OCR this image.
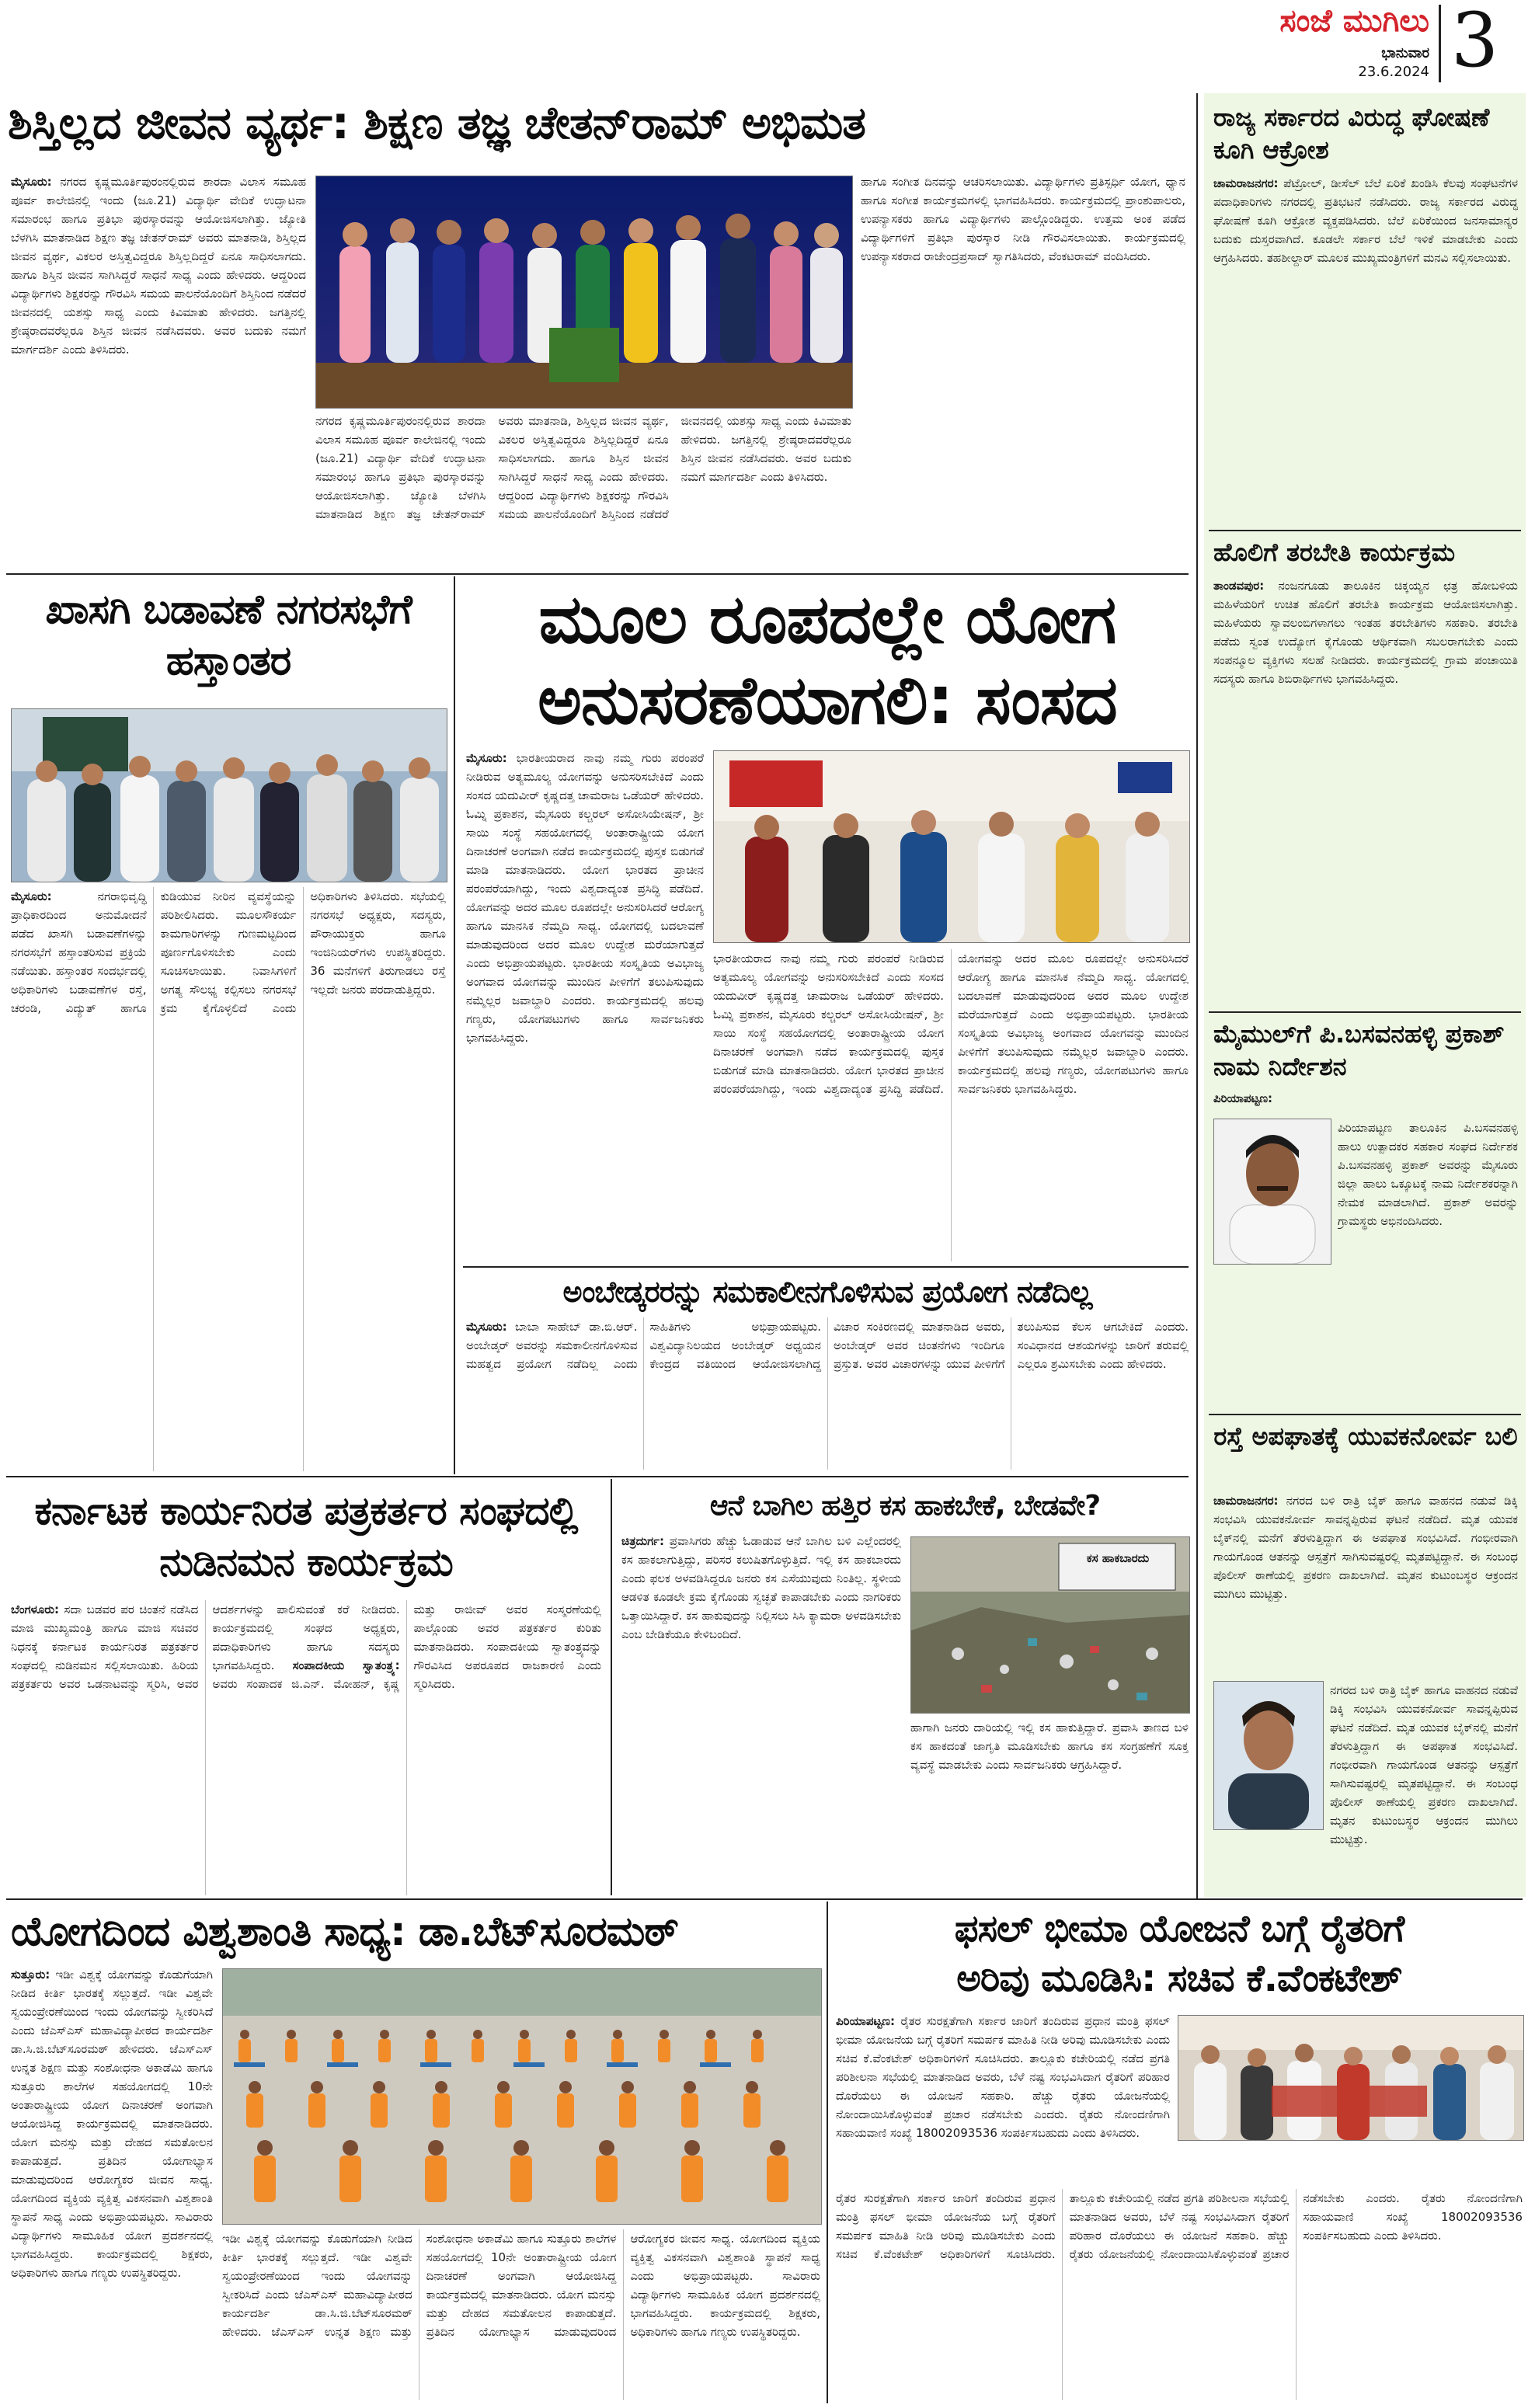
ಸಂಜೆ ಮುಗಿಲು
ಭಾನುವಾರ
23.6.2024 3
ಶಿಸ್ತಿಲ್ಲದ ಜೀವನ ವ್ಯರ್ಥ: ಶಿಕ್ಷಣ ತಜ್ಞ ಚೇತನ್‌ರಾಮ್ ಅಭಿಮತ
ಮೈಸೂರು: ನಗರದ ಕೃಷ್ಣಮೂರ್ತಿಪುರಂನಲ್ಲಿರುವ ಶಾರದಾ ವಿಲಾಸ ಸಮೂಹ ಪೂರ್ವ ಕಾಲೇಜಿನಲ್ಲಿ ಇಂದು (ಜೂ.21) ವಿದ್ಯಾರ್ಥಿ ವೇದಿಕೆ ಉದ್ಘಾಟನಾ ಸಮಾರಂಭ ಹಾಗೂ ಪ್ರತಿಭಾ ಪುರಸ್ಕಾರವನ್ನು ಆಯೋಜಿಸಲಾಗಿತ್ತು. ಜ್ಯೋತಿ ಬೆಳಗಿಸಿ ಮಾತನಾಡಿದ ಶಿಕ್ಷಣ ತಜ್ಞ ಚೇತನ್‌ರಾಮ್ ಅವರು ಮಾತನಾಡಿ, ಶಿಸ್ತಿಲ್ಲದ ಜೀವನ ವ್ಯರ್ಥ, ವಿಕಲರ ಅಸ್ತಿತ್ವವಿದ್ದರೂ ಶಿಸ್ತಿಲ್ಲದಿದ್ದರೆ ಏನೂ ಸಾಧಿಸಲಾಗದು. ಹಾಗೂ ಶಿಸ್ತಿನ ಜೀವನ ಸಾಗಿಸಿದ್ದರೆ ಸಾಧನೆ ಸಾಧ್ಯ ಎಂದು ಹೇಳಿದರು. ಆದ್ದರಿಂದ ವಿದ್ಯಾರ್ಥಿಗಳು ಶಿಕ್ಷಕರನ್ನು ಗೌರವಿಸಿ ಸಮಯ ಪಾಲನೆಯೊಂದಿಗೆ ಶಿಸ್ತಿನಿಂದ ನಡೆದರೆ ಜೀವನದಲ್ಲಿ ಯಶಸ್ಸು ಸಾಧ್ಯ ಎಂದು ಕಿವಿಮಾತು ಹೇಳಿದರು. ಜಗತ್ತಿನಲ್ಲಿ ಶ್ರೇಷ್ಠರಾದವರೆಲ್ಲರೂ ಶಿಸ್ತಿನ ಜೀವನ ನಡೆಸಿದವರು. ಅವರ ಬದುಕು ನಮಗೆ ಮಾರ್ಗದರ್ಶಿ ಎಂದು ತಿಳಿಸಿದರು.
ಹಾಗೂ ಸಂಗೀತ ದಿನವನ್ನು ಆಚರಿಸಲಾಯಿತು. ವಿದ್ಯಾರ್ಥಿಗಳು ಪ್ರತಿಸ್ಪರ್ಧಿ ಯೋಗ, ಧ್ಯಾನ ಹಾಗೂ ಸಂಗೀತ ಕಾರ್ಯಕ್ರಮಗಳಲ್ಲಿ ಭಾಗವಹಿಸಿದರು. ಕಾರ್ಯಕ್ರಮದಲ್ಲಿ ಪ್ರಾಂಶುಪಾಲರು, ಉಪನ್ಯಾಸಕರು ಹಾಗೂ ವಿದ್ಯಾರ್ಥಿಗಳು ಪಾಲ್ಗೊಂಡಿದ್ದರು. ಉತ್ತಮ ಅಂಕ ಪಡೆದ ವಿದ್ಯಾರ್ಥಿಗಳಿಗೆ ಪ್ರತಿಭಾ ಪುರಸ್ಕಾರ ನೀಡಿ ಗೌರವಿಸಲಾಯಿತು. ಕಾರ್ಯಕ್ರಮದಲ್ಲಿ ಉಪನ್ಯಾಸಕರಾದ ರಾಜೇಂದ್ರಪ್ರಸಾದ್ ಸ್ವಾಗತಿಸಿದರು, ವೆಂಕಟರಾಮ್ ವಂದಿಸಿದರು.
ನಗರದ ಕೃಷ್ಣಮೂರ್ತಿಪುರಂನಲ್ಲಿರುವ ಶಾರದಾ ವಿಲಾಸ ಸಮೂಹ ಪೂರ್ವ ಕಾಲೇಜಿನಲ್ಲಿ ಇಂದು (ಜೂ.21) ವಿದ್ಯಾರ್ಥಿ ವೇದಿಕೆ ಉದ್ಘಾಟನಾ ಸಮಾರಂಭ ಹಾಗೂ ಪ್ರತಿಭಾ ಪುರಸ್ಕಾರವನ್ನು ಆಯೋಜಿಸಲಾಗಿತ್ತು. ಜ್ಯೋತಿ ಬೆಳಗಿಸಿ ಮಾತನಾಡಿದ ಶಿಕ್ಷಣ ತಜ್ಞ ಚೇತನ್‌ರಾಮ್ ಅವರು ಮಾತನಾಡಿ, ಶಿಸ್ತಿಲ್ಲದ ಜೀವನ ವ್ಯರ್ಥ, ವಿಕಲರ ಅಸ್ತಿತ್ವವಿದ್ದರೂ ಶಿಸ್ತಿಲ್ಲದಿದ್ದರೆ ಏನೂ ಸಾಧಿಸಲಾಗದು. ಹಾಗೂ ಶಿಸ್ತಿನ ಜೀವನ ಸಾಗಿಸಿದ್ದರೆ ಸಾಧನೆ ಸಾಧ್ಯ ಎಂದು ಹೇಳಿದರು. ಆದ್ದರಿಂದ ವಿದ್ಯಾರ್ಥಿಗಳು ಶಿಕ್ಷಕರನ್ನು ಗೌರವಿಸಿ ಸಮಯ ಪಾಲನೆಯೊಂದಿಗೆ ಶಿಸ್ತಿನಿಂದ ನಡೆದರೆ ಜೀವನದಲ್ಲಿ ಯಶಸ್ಸು ಸಾಧ್ಯ ಎಂದು ಕಿವಿಮಾತು ಹೇಳಿದರು. ಜಗತ್ತಿನಲ್ಲಿ ಶ್ರೇಷ್ಠರಾದವರೆಲ್ಲರೂ ಶಿಸ್ತಿನ ಜೀವನ ನಡೆಸಿದವರು. ಅವರ ಬದುಕು ನಮಗೆ ಮಾರ್ಗದರ್ಶಿ ಎಂದು ತಿಳಿಸಿದರು.
ಖಾಸಗಿ ಬಡಾವಣೆ ನಗರಸಭೆಗೆ ಹಸ್ತಾಂತರ
ಮೈಸೂರು:	ನಗರಾಭಿವೃದ್ಧಿ ಪ್ರಾಧಿಕಾರದಿಂದ ಅನುಮೋದನೆ ಪಡೆದ ಖಾಸಗಿ ಬಡಾವಣೆಗಳನ್ನು ನಗರಸಭೆಗೆ ಹಸ್ತಾಂತರಿಸುವ ಪ್ರಕ್ರಿಯೆ ನಡೆಯಿತು. ಹಸ್ತಾಂತರ ಸಂದರ್ಭದಲ್ಲಿ ಅಧಿಕಾರಿಗಳು ಬಡಾವಣೆಗಳ ರಸ್ತೆ, ಚರಂಡಿ, ವಿದ್ಯುತ್ ಹಾಗೂ ಕುಡಿಯುವ ನೀರಿನ ವ್ಯವಸ್ಥೆಯನ್ನು ಪರಿಶೀಲಿಸಿದರು. ಮೂಲಸೌಕರ್ಯ ಕಾಮಗಾರಿಗಳನ್ನು ಗುಣಮಟ್ಟದಿಂದ ಪೂರ್ಣಗೊಳಿಸಬೇಕು ಎಂದು ಸೂಚಿಸಲಾಯಿತು. ನಿವಾಸಿಗಳಿಗೆ ಅಗತ್ಯ ಸೌಲಭ್ಯ ಕಲ್ಪಿಸಲು ನಗರಸಭೆ ಕ್ರಮ ಕೈಗೊಳ್ಳಲಿದೆ ಎಂದು ಅಧಿಕಾರಿಗಳು ತಿಳಿಸಿದರು. ಸಭೆಯಲ್ಲಿ ನಗರಸಭೆ ಅಧ್ಯಕ್ಷರು, ಸದಸ್ಯರು, ಪೌರಾಯುಕ್ತರು ಹಾಗೂ ಇಂಜಿನಿಯರ್‌ಗಳು ಉಪಸ್ಥಿತರಿದ್ದರು. 36 ಮನೆಗಳಿಗೆ ತಿರುಗಾಡಲು ರಸ್ತೆ ಇಲ್ಲದೇ ಜನರು ಪರದಾಡುತ್ತಿದ್ದರು.
ಮೂಲ ರೂಪದಲ್ಲೇ ಯೋಗ
ಅನುಸರಣೆಯಾಗಲಿ: ಸಂಸದ
ಮೈಸೂರು: ಭಾರತೀಯರಾದ ನಾವು ನಮ್ಮ ಗುರು ಪರಂಪರೆ ನೀಡಿರುವ ಅತ್ಯಮೂಲ್ಯ ಯೋಗವನ್ನು ಅನುಸರಿಸಬೇಕಿದೆ ಎಂದು ಸಂಸದ ಯದುವೀರ್ ಕೃಷ್ಣದತ್ತ ಚಾಮರಾಜ ಒಡೆಯರ್ ಹೇಳಿದರು. ಓಮ್ನಿ ಪ್ರಕಾಶನ, ಮೈಸೂರು ಕಲ್ಚರಲ್ ಅಸೋಸಿಯೇಷನ್, ಶ್ರೀ ಸಾಯಿ ಸಂಸ್ಥೆ ಸಹಯೋಗದಲ್ಲಿ ಅಂತಾರಾಷ್ಟ್ರೀಯ ಯೋಗ ದಿನಾಚರಣೆ ಅಂಗವಾಗಿ ನಡೆದ ಕಾರ್ಯಕ್ರಮದಲ್ಲಿ ಪುಸ್ತಕ ಬಿಡುಗಡೆ ಮಾಡಿ ಮಾತನಾಡಿದರು. ಯೋಗ ಭಾರತದ ಪ್ರಾಚೀನ ಪರಂಪರೆಯಾಗಿದ್ದು, ಇಂದು ವಿಶ್ವದಾದ್ಯಂತ ಪ್ರಸಿದ್ಧಿ ಪಡೆದಿದೆ. ಯೋಗವನ್ನು ಅದರ ಮೂಲ ರೂಪದಲ್ಲೇ ಅನುಸರಿಸಿದರೆ ಆರೋಗ್ಯ ಹಾಗೂ ಮಾನಸಿಕ ನೆಮ್ಮದಿ ಸಾಧ್ಯ. ಯೋಗದಲ್ಲಿ ಬದಲಾವಣೆ ಮಾಡುವುದರಿಂದ ಅದರ ಮೂಲ ಉದ್ದೇಶ ಮರೆಯಾಗುತ್ತದೆ ಎಂದು ಅಭಿಪ್ರಾಯಪಟ್ಟರು. ಭಾರತೀಯ ಸಂಸ್ಕೃತಿಯ ಅವಿಭಾಜ್ಯ ಅಂಗವಾದ ಯೋಗವನ್ನು ಮುಂದಿನ ಪೀಳಿಗೆಗೆ ತಲುಪಿಸುವುದು ನಮ್ಮೆಲ್ಲರ ಜವಾಬ್ದಾರಿ ಎಂದರು. ಕಾರ್ಯಕ್ರಮದಲ್ಲಿ ಹಲವು ಗಣ್ಯರು, ಯೋಗಪಟುಗಳು ಹಾಗೂ ಸಾರ್ವಜನಿಕರು ಭಾಗವಹಿಸಿದ್ದರು.
ಭಾರತೀಯರಾದ ನಾವು ನಮ್ಮ ಗುರು ಪರಂಪರೆ ನೀಡಿರುವ ಅತ್ಯಮೂಲ್ಯ ಯೋಗವನ್ನು ಅನುಸರಿಸಬೇಕಿದೆ ಎಂದು ಸಂಸದ ಯದುವೀರ್ ಕೃಷ್ಣದತ್ತ ಚಾಮರಾಜ ಒಡೆಯರ್ ಹೇಳಿದರು. ಓಮ್ನಿ ಪ್ರಕಾಶನ, ಮೈಸೂರು ಕಲ್ಚರಲ್ ಅಸೋಸಿಯೇಷನ್, ಶ್ರೀ ಸಾಯಿ ಸಂಸ್ಥೆ ಸಹಯೋಗದಲ್ಲಿ ಅಂತಾರಾಷ್ಟ್ರೀಯ ಯೋಗ ದಿನಾಚರಣೆ ಅಂಗವಾಗಿ ನಡೆದ ಕಾರ್ಯಕ್ರಮದಲ್ಲಿ ಪುಸ್ತಕ ಬಿಡುಗಡೆ ಮಾಡಿ ಮಾತನಾಡಿದರು. ಯೋಗ ಭಾರತದ ಪ್ರಾಚೀನ ಪರಂಪರೆಯಾಗಿದ್ದು, ಇಂದು ವಿಶ್ವದಾದ್ಯಂತ ಪ್ರಸಿದ್ಧಿ ಪಡೆದಿದೆ. ಯೋಗವನ್ನು ಅದರ ಮೂಲ ರೂಪದಲ್ಲೇ ಅನುಸರಿಸಿದರೆ ಆರೋಗ್ಯ ಹಾಗೂ ಮಾನಸಿಕ ನೆಮ್ಮದಿ ಸಾಧ್ಯ. ಯೋಗದಲ್ಲಿ ಬದಲಾವಣೆ ಮಾಡುವುದರಿಂದ ಅದರ ಮೂಲ ಉದ್ದೇಶ ಮರೆಯಾಗುತ್ತದೆ ಎಂದು ಅಭಿಪ್ರಾಯಪಟ್ಟರು. ಭಾರತೀಯ ಸಂಸ್ಕೃತಿಯ ಅವಿಭಾಜ್ಯ ಅಂಗವಾದ ಯೋಗವನ್ನು ಮುಂದಿನ ಪೀಳಿಗೆಗೆ ತಲುಪಿಸುವುದು ನಮ್ಮೆಲ್ಲರ ಜವಾಬ್ದಾರಿ ಎಂದರು. ಕಾರ್ಯಕ್ರಮದಲ್ಲಿ ಹಲವು ಗಣ್ಯರು, ಯೋಗಪಟುಗಳು ಹಾಗೂ ಸಾರ್ವಜನಿಕರು ಭಾಗವಹಿಸಿದ್ದರು.
ಅಂಬೇಡ್ಕರರನ್ನು ಸಮಕಾಲೀನಗೊಳಿಸುವ ಪ್ರಯೋಗ ನಡೆದಿಲ್ಲ
ಮೈಸೂರು: ಬಾಬಾ ಸಾಹೇಬ್ ಡಾ.ಬಿ.ಆರ್. ಅಂಬೇಡ್ಕರ್ ಅವರನ್ನು ಸಮಕಾಲೀನಗೊಳಿಸುವ ಮಹತ್ವದ ಪ್ರಯೋಗ ನಡೆದಿಲ್ಲ ಎಂದು ಸಾಹಿತಿಗಳು ಅಭಿಪ್ರಾಯಪಟ್ಟರು. ವಿಶ್ವವಿದ್ಯಾನಿಲಯದ ಅಂಬೇಡ್ಕರ್ ಅಧ್ಯಯನ ಕೇಂದ್ರದ ವತಿಯಿಂದ ಆಯೋಜಿಸಲಾಗಿದ್ದ ವಿಚಾರ ಸಂಕಿರಣದಲ್ಲಿ ಮಾತನಾಡಿದ ಅವರು, ಅಂಬೇಡ್ಕರ್ ಅವರ ಚಿಂತನೆಗಳು ಇಂದಿಗೂ ಪ್ರಸ್ತುತ. ಅವರ ವಿಚಾರಗಳನ್ನು ಯುವ ಪೀಳಿಗೆಗೆ ತಲುಪಿಸುವ ಕೆಲಸ ಆಗಬೇಕಿದೆ ಎಂದರು. ಸಂವಿಧಾನದ ಆಶಯಗಳನ್ನು ಜಾರಿಗೆ ತರುವಲ್ಲಿ ಎಲ್ಲರೂ ಶ್ರಮಿಸಬೇಕು ಎಂದು ಹೇಳಿದರು.
ಕರ್ನಾಟಕ ಕಾರ್ಯನಿರತ ಪತ್ರಕರ್ತರ ಸಂಘದಲ್ಲಿ ನುಡಿನಮನ ಕಾರ್ಯಕ್ರಮ
ಬೆಂಗಳೂರು: ಸದಾ ಬಡವರ ಪರ ಚಿಂತನೆ ನಡೆಸಿದ ಮಾಜಿ ಮುಖ್ಯಮಂತ್ರಿ ಹಾಗೂ ಮಾಜಿ ಸಚಿವರ ನಿಧನಕ್ಕೆ ಕರ್ನಾಟಕ ಕಾರ್ಯನಿರತ ಪತ್ರಕರ್ತರ ಸಂಘದಲ್ಲಿ ನುಡಿನಮನ ಸಲ್ಲಿಸಲಾಯಿತು. ಹಿರಿಯ ಪತ್ರಕರ್ತರು ಅವರ ಒಡನಾಟವನ್ನು ಸ್ಮರಿಸಿ, ಅವರ ಆದರ್ಶಗಳನ್ನು ಪಾಲಿಸುವಂತೆ ಕರೆ ನೀಡಿದರು. ಕಾರ್ಯಕ್ರಮದಲ್ಲಿ ಸಂಘದ ಅಧ್ಯಕ್ಷರು, ಪದಾಧಿಕಾರಿಗಳು ಹಾಗೂ ಸದಸ್ಯರು ಭಾಗವಹಿಸಿದ್ದರು. ಸಂಪಾದಕೀಯ ಸ್ವಾತಂತ್ರ್ಯ: ಅವರು ಸಂಪಾದಕ ಜಿ.ಎನ್. ಮೋಹನ್, ಕೃಷ್ಣ ಮತ್ತು ರಾಜೀವ್ ಅವರ ಸಂಸ್ಮರಣೆಯಲ್ಲಿ ಪಾಲ್ಗೊಂಡು ಅವರ ಪತ್ರಕರ್ತರ ಕುರಿತು ಮಾತನಾಡಿದರು. ಸಂಪಾದಕೀಯ ಸ್ವಾತಂತ್ರ್ಯವನ್ನು ಗೌರವಿಸಿದ ಅಪರೂಪದ ರಾಜಕಾರಣಿ ಎಂದು ಸ್ಮರಿಸಿದರು.
ಆನೆ ಬಾಗಿಲ ಹತ್ತಿರ ಕಸ ಹಾಕಬೇಕೆ, ಬೇಡವೇ?
ಚಿತ್ರದುರ್ಗ: ಪ್ರವಾಸಿಗರು ಹೆಚ್ಚು ಓಡಾಡುವ ಆನೆ ಬಾಗಿಲ ಬಳಿ ಎಲ್ಲೆಂದರಲ್ಲಿ ಕಸ ಹಾಕಲಾಗುತ್ತಿದ್ದು, ಪರಿಸರ ಕಲುಷಿತಗೊಳ್ಳುತ್ತಿದೆ. ಇಲ್ಲಿ ಕಸ ಹಾಕಬಾರದು ಎಂದು ಫಲಕ ಅಳವಡಿಸಿದ್ದರೂ ಜನರು ಕಸ ಎಸೆಯುವುದು ನಿಂತಿಲ್ಲ. ಸ್ಥಳೀಯ ಆಡಳಿತ ಕೂಡಲೇ ಕ್ರಮ ಕೈಗೊಂಡು ಸ್ವಚ್ಛತೆ ಕಾಪಾಡಬೇಕು ಎಂದು ನಾಗರಿಕರು ಒತ್ತಾಯಿಸಿದ್ದಾರೆ. ಕಸ ಹಾಕುವುದನ್ನು ನಿಲ್ಲಿಸಲು ಸಿಸಿ ಕ್ಯಾಮರಾ ಅಳವಡಿಸಬೇಕು ಎಂಬ ಬೇಡಿಕೆಯೂ ಕೇಳಿಬಂದಿದೆ.
ಕಸ ಹಾಕಬಾರದು
ಹಾಗಾಗಿ ಜನರು ದಾರಿಯಲ್ಲಿ ಇಲ್ಲಿ ಕಸ ಹಾಕುತ್ತಿದ್ದಾರೆ. ಪ್ರವಾಸಿ ತಾಣದ ಬಳಿ ಕಸ ಹಾಕದಂತೆ ಜಾಗೃತಿ ಮೂಡಿಸಬೇಕು ಹಾಗೂ ಕಸ ಸಂಗ್ರಹಣೆಗೆ ಸೂಕ್ತ ವ್ಯವಸ್ಥೆ ಮಾಡಬೇಕು ಎಂದು ಸಾರ್ವಜನಿಕರು ಆಗ್ರಹಿಸಿದ್ದಾರೆ.
ಯೋಗದಿಂದ ವಿಶ್ವಶಾಂತಿ ಸಾಧ್ಯ: ಡಾ.ಬೆಟ್‌ಸೂರಮಠ್
ಸುತ್ತೂರು: ಇಡೀ ವಿಶ್ವಕ್ಕೆ ಯೋಗವನ್ನು ಕೊಡುಗೆಯಾಗಿ ನೀಡಿದ ಕೀರ್ತಿ ಭಾರತಕ್ಕೆ ಸಲ್ಲುತ್ತದೆ. ಇಡೀ ವಿಶ್ವವೇ ಸ್ವಯಂಪ್ರೇರಣೆಯಿಂದ ಇಂದು ಯೋಗವನ್ನು ಸ್ವೀಕರಿಸಿದೆ ಎಂದು ಜೆಎಸ್‌ಎಸ್ ಮಹಾವಿದ್ಯಾಪೀಠದ ಕಾರ್ಯದರ್ಶಿ ಡಾ.ಸಿ.ಜಿ.ಬೆಟ್‌ಸೂರಮಠ್ ಹೇಳಿದರು. ಜೆಎಸ್‌ಎಸ್ ಉನ್ನತ ಶಿಕ್ಷಣ ಮತ್ತು ಸಂಶೋಧನಾ ಅಕಾಡೆಮಿ ಹಾಗೂ ಸುತ್ತೂರು ಶಾಲೆಗಳ ಸಹಯೋಗದಲ್ಲಿ 10ನೇ ಅಂತಾರಾಷ್ಟ್ರೀಯ ಯೋಗ ದಿನಾಚರಣೆ ಅಂಗವಾಗಿ ಆಯೋಜಿಸಿದ್ದ ಕಾರ್ಯಕ್ರಮದಲ್ಲಿ ಮಾತನಾಡಿದರು. ಯೋಗ ಮನಸ್ಸು ಮತ್ತು ದೇಹದ ಸಮತೋಲನ ಕಾಪಾಡುತ್ತದೆ. ಪ್ರತಿದಿನ ಯೋಗಾಭ್ಯಾಸ ಮಾಡುವುದರಿಂದ ಆರೋಗ್ಯಕರ ಜೀವನ ಸಾಧ್ಯ. ಯೋಗದಿಂದ ವ್ಯಕ್ತಿಯ ವ್ಯಕ್ತಿತ್ವ ವಿಕಸನವಾಗಿ ವಿಶ್ವಶಾಂತಿ ಸ್ಥಾಪನೆ ಸಾಧ್ಯ ಎಂದು ಅಭಿಪ್ರಾಯಪಟ್ಟರು. ಸಾವಿರಾರು ವಿದ್ಯಾರ್ಥಿಗಳು ಸಾಮೂಹಿಕ ಯೋಗ ಪ್ರದರ್ಶನದಲ್ಲಿ ಭಾಗವಹಿಸಿದ್ದರು. ಕಾರ್ಯಕ್ರಮದಲ್ಲಿ ಶಿಕ್ಷಕರು, ಅಧಿಕಾರಿಗಳು ಹಾಗೂ ಗಣ್ಯರು ಉಪಸ್ಥಿತರಿದ್ದರು.
ಇಡೀ ವಿಶ್ವಕ್ಕೆ ಯೋಗವನ್ನು ಕೊಡುಗೆಯಾಗಿ ನೀಡಿದ ಕೀರ್ತಿ ಭಾರತಕ್ಕೆ ಸಲ್ಲುತ್ತದೆ. ಇಡೀ ವಿಶ್ವವೇ ಸ್ವಯಂಪ್ರೇರಣೆಯಿಂದ ಇಂದು ಯೋಗವನ್ನು ಸ್ವೀಕರಿಸಿದೆ ಎಂದು ಜೆಎಸ್‌ಎಸ್ ಮಹಾವಿದ್ಯಾಪೀಠದ ಕಾರ್ಯದರ್ಶಿ ಡಾ.ಸಿ.ಜಿ.ಬೆಟ್‌ಸೂರಮಠ್ ಹೇಳಿದರು. ಜೆಎಸ್‌ಎಸ್ ಉನ್ನತ ಶಿಕ್ಷಣ ಮತ್ತು ಸಂಶೋಧನಾ ಅಕಾಡೆಮಿ ಹಾಗೂ ಸುತ್ತೂರು ಶಾಲೆಗಳ ಸಹಯೋಗದಲ್ಲಿ 10ನೇ ಅಂತಾರಾಷ್ಟ್ರೀಯ ಯೋಗ ದಿನಾಚರಣೆ ಅಂಗವಾಗಿ ಆಯೋಜಿಸಿದ್ದ ಕಾರ್ಯಕ್ರಮದಲ್ಲಿ ಮಾತನಾಡಿದರು. ಯೋಗ ಮನಸ್ಸು ಮತ್ತು ದೇಹದ ಸಮತೋಲನ ಕಾಪಾಡುತ್ತದೆ. ಪ್ರತಿದಿನ ಯೋಗಾಭ್ಯಾಸ ಮಾಡುವುದರಿಂದ ಆರೋಗ್ಯಕರ ಜೀವನ ಸಾಧ್ಯ. ಯೋಗದಿಂದ ವ್ಯಕ್ತಿಯ ವ್ಯಕ್ತಿತ್ವ ವಿಕಸನವಾಗಿ ವಿಶ್ವಶಾಂತಿ ಸ್ಥಾಪನೆ ಸಾಧ್ಯ ಎಂದು ಅಭಿಪ್ರಾಯಪಟ್ಟರು. ಸಾವಿರಾರು ವಿದ್ಯಾರ್ಥಿಗಳು ಸಾಮೂಹಿಕ ಯೋಗ ಪ್ರದರ್ಶನದಲ್ಲಿ ಭಾಗವಹಿಸಿದ್ದರು. ಕಾರ್ಯಕ್ರಮದಲ್ಲಿ ಶಿಕ್ಷಕರು, ಅಧಿಕಾರಿಗಳು ಹಾಗೂ ಗಣ್ಯರು ಉಪಸ್ಥಿತರಿದ್ದರು.
ಫಸಲ್ ಭೀಮಾ ಯೋಜನೆ ಬಗ್ಗೆ ರೈತರಿಗೆ
ಅರಿವು ಮೂಡಿಸಿ: ಸಚಿವ ಕೆ.ವೆಂಕಟೇಶ್
ಪಿರಿಯಾಪಟ್ಟಣ: ರೈತರ ಸುರಕ್ಷತೆಗಾಗಿ ಸರ್ಕಾರ ಜಾರಿಗೆ ತಂದಿರುವ ಪ್ರಧಾನ ಮಂತ್ರಿ ಫಸಲ್ ಭೀಮಾ ಯೋಜನೆಯ ಬಗ್ಗೆ ರೈತರಿಗೆ ಸಮರ್ಪಕ ಮಾಹಿತಿ ನೀಡಿ ಅರಿವು ಮೂಡಿಸಬೇಕು ಎಂದು ಸಚಿವ ಕೆ.ವೆಂಕಟೇಶ್ ಅಧಿಕಾರಿಗಳಿಗೆ ಸೂಚಿಸಿದರು. ತಾಲ್ಲೂಕು ಕಚೇರಿಯಲ್ಲಿ ನಡೆದ ಪ್ರಗತಿ ಪರಿಶೀಲನಾ ಸಭೆಯಲ್ಲಿ ಮಾತನಾಡಿದ ಅವರು, ಬೆಳೆ ನಷ್ಟ ಸಂಭವಿಸಿದಾಗ ರೈತರಿಗೆ ಪರಿಹಾರ ದೊರೆಯಲು ಈ ಯೋಜನೆ ಸಹಕಾರಿ. ಹೆಚ್ಚು ರೈತರು ಯೋಜನೆಯಲ್ಲಿ ನೋಂದಾಯಿಸಿಕೊಳ್ಳುವಂತೆ ಪ್ರಚಾರ ನಡೆಸಬೇಕು ಎಂದರು. ರೈತರು ನೋಂದಣಿಗಾಗಿ ಸಹಾಯವಾಣಿ ಸಂಖ್ಯೆ 18002093536 ಸಂಪರ್ಕಿಸಬಹುದು ಎಂದು ತಿಳಿಸಿದರು.
ರೈತರ ಸುರಕ್ಷತೆಗಾಗಿ ಸರ್ಕಾರ ಜಾರಿಗೆ ತಂದಿರುವ ಪ್ರಧಾನ ಮಂತ್ರಿ ಫಸಲ್ ಭೀಮಾ ಯೋಜನೆಯ ಬಗ್ಗೆ ರೈತರಿಗೆ ಸಮರ್ಪಕ ಮಾಹಿತಿ ನೀಡಿ ಅರಿವು ಮೂಡಿಸಬೇಕು ಎಂದು ಸಚಿವ ಕೆ.ವೆಂಕಟೇಶ್ ಅಧಿಕಾರಿಗಳಿಗೆ ಸೂಚಿಸಿದರು. ತಾಲ್ಲೂಕು ಕಚೇರಿಯಲ್ಲಿ ನಡೆದ ಪ್ರಗತಿ ಪರಿಶೀಲನಾ ಸಭೆಯಲ್ಲಿ ಮಾತನಾಡಿದ ಅವರು, ಬೆಳೆ ನಷ್ಟ ಸಂಭವಿಸಿದಾಗ ರೈತರಿಗೆ ಪರಿಹಾರ ದೊರೆಯಲು ಈ ಯೋಜನೆ ಸಹಕಾರಿ. ಹೆಚ್ಚು ರೈತರು ಯೋಜನೆಯಲ್ಲಿ ನೋಂದಾಯಿಸಿಕೊಳ್ಳುವಂತೆ ಪ್ರಚಾರ ನಡೆಸಬೇಕು ಎಂದರು. ರೈತರು ನೋಂದಣಿಗಾಗಿ ಸಹಾಯವಾಣಿ ಸಂಖ್ಯೆ 18002093536 ಸಂಪರ್ಕಿಸಬಹುದು ಎಂದು ತಿಳಿಸಿದರು.
ರಾಜ್ಯ ಸರ್ಕಾರದ ವಿರುದ್ಧ ಘೋಷಣೆ ಕೂಗಿ ಆಕ್ರೋಶ
ಚಾಮರಾಜನಗರ: ಪೆಟ್ರೋಲ್, ಡೀಸೆಲ್ ಬೆಲೆ ಏರಿಕೆ ಖಂಡಿಸಿ ಕೆಲವು ಸಂಘಟನೆಗಳ ಪದಾಧಿಕಾರಿಗಳು ನಗರದಲ್ಲಿ ಪ್ರತಿಭಟನೆ ನಡೆಸಿದರು. ರಾಜ್ಯ ಸರ್ಕಾರದ ವಿರುದ್ಧ ಘೋಷಣೆ ಕೂಗಿ ಆಕ್ರೋಶ ವ್ಯಕ್ತಪಡಿಸಿದರು. ಬೆಲೆ ಏರಿಕೆಯಿಂದ ಜನಸಾಮಾನ್ಯರ ಬದುಕು ದುಸ್ತರವಾಗಿದೆ. ಕೂಡಲೇ ಸರ್ಕಾರ ಬೆಲೆ ಇಳಿಕೆ ಮಾಡಬೇಕು ಎಂದು ಆಗ್ರಹಿಸಿದರು. ತಹಶೀಲ್ದಾರ್ ಮೂಲಕ ಮುಖ್ಯಮಂತ್ರಿಗಳಿಗೆ ಮನವಿ ಸಲ್ಲಿಸಲಾಯಿತು.
ಹೊಲಿಗೆ ತರಬೇತಿ ಕಾರ್ಯಕ್ರಮ
ತಾಂಡವಪುರ: ನಂಜನಗೂಡು ತಾಲೂಕಿನ ಚಿಕ್ಕಯ್ಯನ ಛತ್ರ ಹೋಬಳಿಯ ಮಹಿಳೆಯರಿಗೆ ಉಚಿತ ಹೊಲಿಗೆ ತರಬೇತಿ ಕಾರ್ಯಕ್ರಮ ಆಯೋಜಿಸಲಾಗಿತ್ತು. ಮಹಿಳೆಯರು ಸ್ವಾವಲಂಬಿಗಳಾಗಲು ಇಂತಹ ತರಬೇತಿಗಳು ಸಹಕಾರಿ. ತರಬೇತಿ ಪಡೆದು ಸ್ವಂತ ಉದ್ಯೋಗ ಕೈಗೊಂಡು ಆರ್ಥಿಕವಾಗಿ ಸಬಲರಾಗಬೇಕು ಎಂದು ಸಂಪನ್ಮೂಲ ವ್ಯಕ್ತಿಗಳು ಸಲಹೆ ನೀಡಿದರು. ಕಾರ್ಯಕ್ರಮದಲ್ಲಿ ಗ್ರಾಮ ಪಂಚಾಯಿತಿ ಸದಸ್ಯರು ಹಾಗೂ ಶಿಬಿರಾರ್ಥಿಗಳು ಭಾಗವಹಿಸಿದ್ದರು.
ಮೈಮುಲ್‌ಗೆ ಪಿ.ಬಸವನಹಳ್ಳಿ ಪ್ರಕಾಶ್ ನಾಮ ನಿರ್ದೇಶನ
ಪಿರಿಯಾಪಟ್ಟಣ:
ಪಿರಿಯಾಪಟ್ಟಣ ತಾಲೂಕಿನ ಪಿ.ಬಸವನಹಳ್ಳಿ ಹಾಲು ಉತ್ಪಾದಕರ ಸಹಕಾರ ಸಂಘದ ನಿರ್ದೇಶಕ ಪಿ.ಬಸವನಹಳ್ಳಿ ಪ್ರಕಾಶ್ ಅವರನ್ನು ಮೈಸೂರು ಜಿಲ್ಲಾ ಹಾಲು ಒಕ್ಕೂಟಕ್ಕೆ ನಾಮ ನಿರ್ದೇಶಕರನ್ನಾಗಿ ನೇಮಕ ಮಾಡಲಾಗಿದೆ. ಪ್ರಕಾಶ್ ಅವರನ್ನು ಗ್ರಾಮಸ್ಥರು ಅಭಿನಂದಿಸಿದರು.
ರಸ್ತೆ ಅಪಘಾತಕ್ಕೆ ಯುವಕನೋರ್ವ ಬಲಿ
ಚಾಮರಾಜನಗರ: ನಗರದ ಬಳಿ ರಾತ್ರಿ ಬೈಕ್ ಹಾಗೂ ವಾಹನದ ನಡುವೆ ಡಿಕ್ಕಿ ಸಂಭವಿಸಿ ಯುವಕನೋರ್ವ ಸಾವನ್ನಪ್ಪಿರುವ ಘಟನೆ ನಡೆದಿದೆ. ಮೃತ ಯುವಕ ಬೈಕ್‌ನಲ್ಲಿ ಮನೆಗೆ ತೆರಳುತ್ತಿದ್ದಾಗ ಈ ಅಪಘಾತ ಸಂಭವಿಸಿದೆ. ಗಂಭೀರವಾಗಿ ಗಾಯಗೊಂಡ ಆತನನ್ನು ಆಸ್ಪತ್ರೆಗೆ ಸಾಗಿಸುವಷ್ಟರಲ್ಲಿ ಮೃತಪಟ್ಟಿದ್ದಾನೆ. ಈ ಸಂಬಂಧ ಪೊಲೀಸ್ ಠಾಣೆಯಲ್ಲಿ ಪ್ರಕರಣ ದಾಖಲಾಗಿದೆ. ಮೃತನ ಕುಟುಂಬಸ್ಥರ ಆಕ್ರಂದನ ಮುಗಿಲು ಮುಟ್ಟಿತ್ತು.
ನಗರದ ಬಳಿ ರಾತ್ರಿ ಬೈಕ್ ಹಾಗೂ ವಾಹನದ ನಡುವೆ ಡಿಕ್ಕಿ ಸಂಭವಿಸಿ ಯುವಕನೋರ್ವ ಸಾವನ್ನಪ್ಪಿರುವ ಘಟನೆ ನಡೆದಿದೆ. ಮೃತ ಯುವಕ ಬೈಕ್‌ನಲ್ಲಿ ಮನೆಗೆ ತೆರಳುತ್ತಿದ್ದಾಗ ಈ ಅಪಘಾತ ಸಂಭವಿಸಿದೆ. ಗಂಭೀರವಾಗಿ ಗಾಯಗೊಂಡ ಆತನನ್ನು ಆಸ್ಪತ್ರೆಗೆ ಸಾಗಿಸುವಷ್ಟರಲ್ಲಿ ಮೃತಪಟ್ಟಿದ್ದಾನೆ. ಈ ಸಂಬಂಧ ಪೊಲೀಸ್ ಠಾಣೆಯಲ್ಲಿ ಪ್ರಕರಣ ದಾಖಲಾಗಿದೆ. ಮೃತನ ಕುಟುಂಬಸ್ಥರ ಆಕ್ರಂದನ ಮುಗಿಲು ಮುಟ್ಟಿತ್ತು.
